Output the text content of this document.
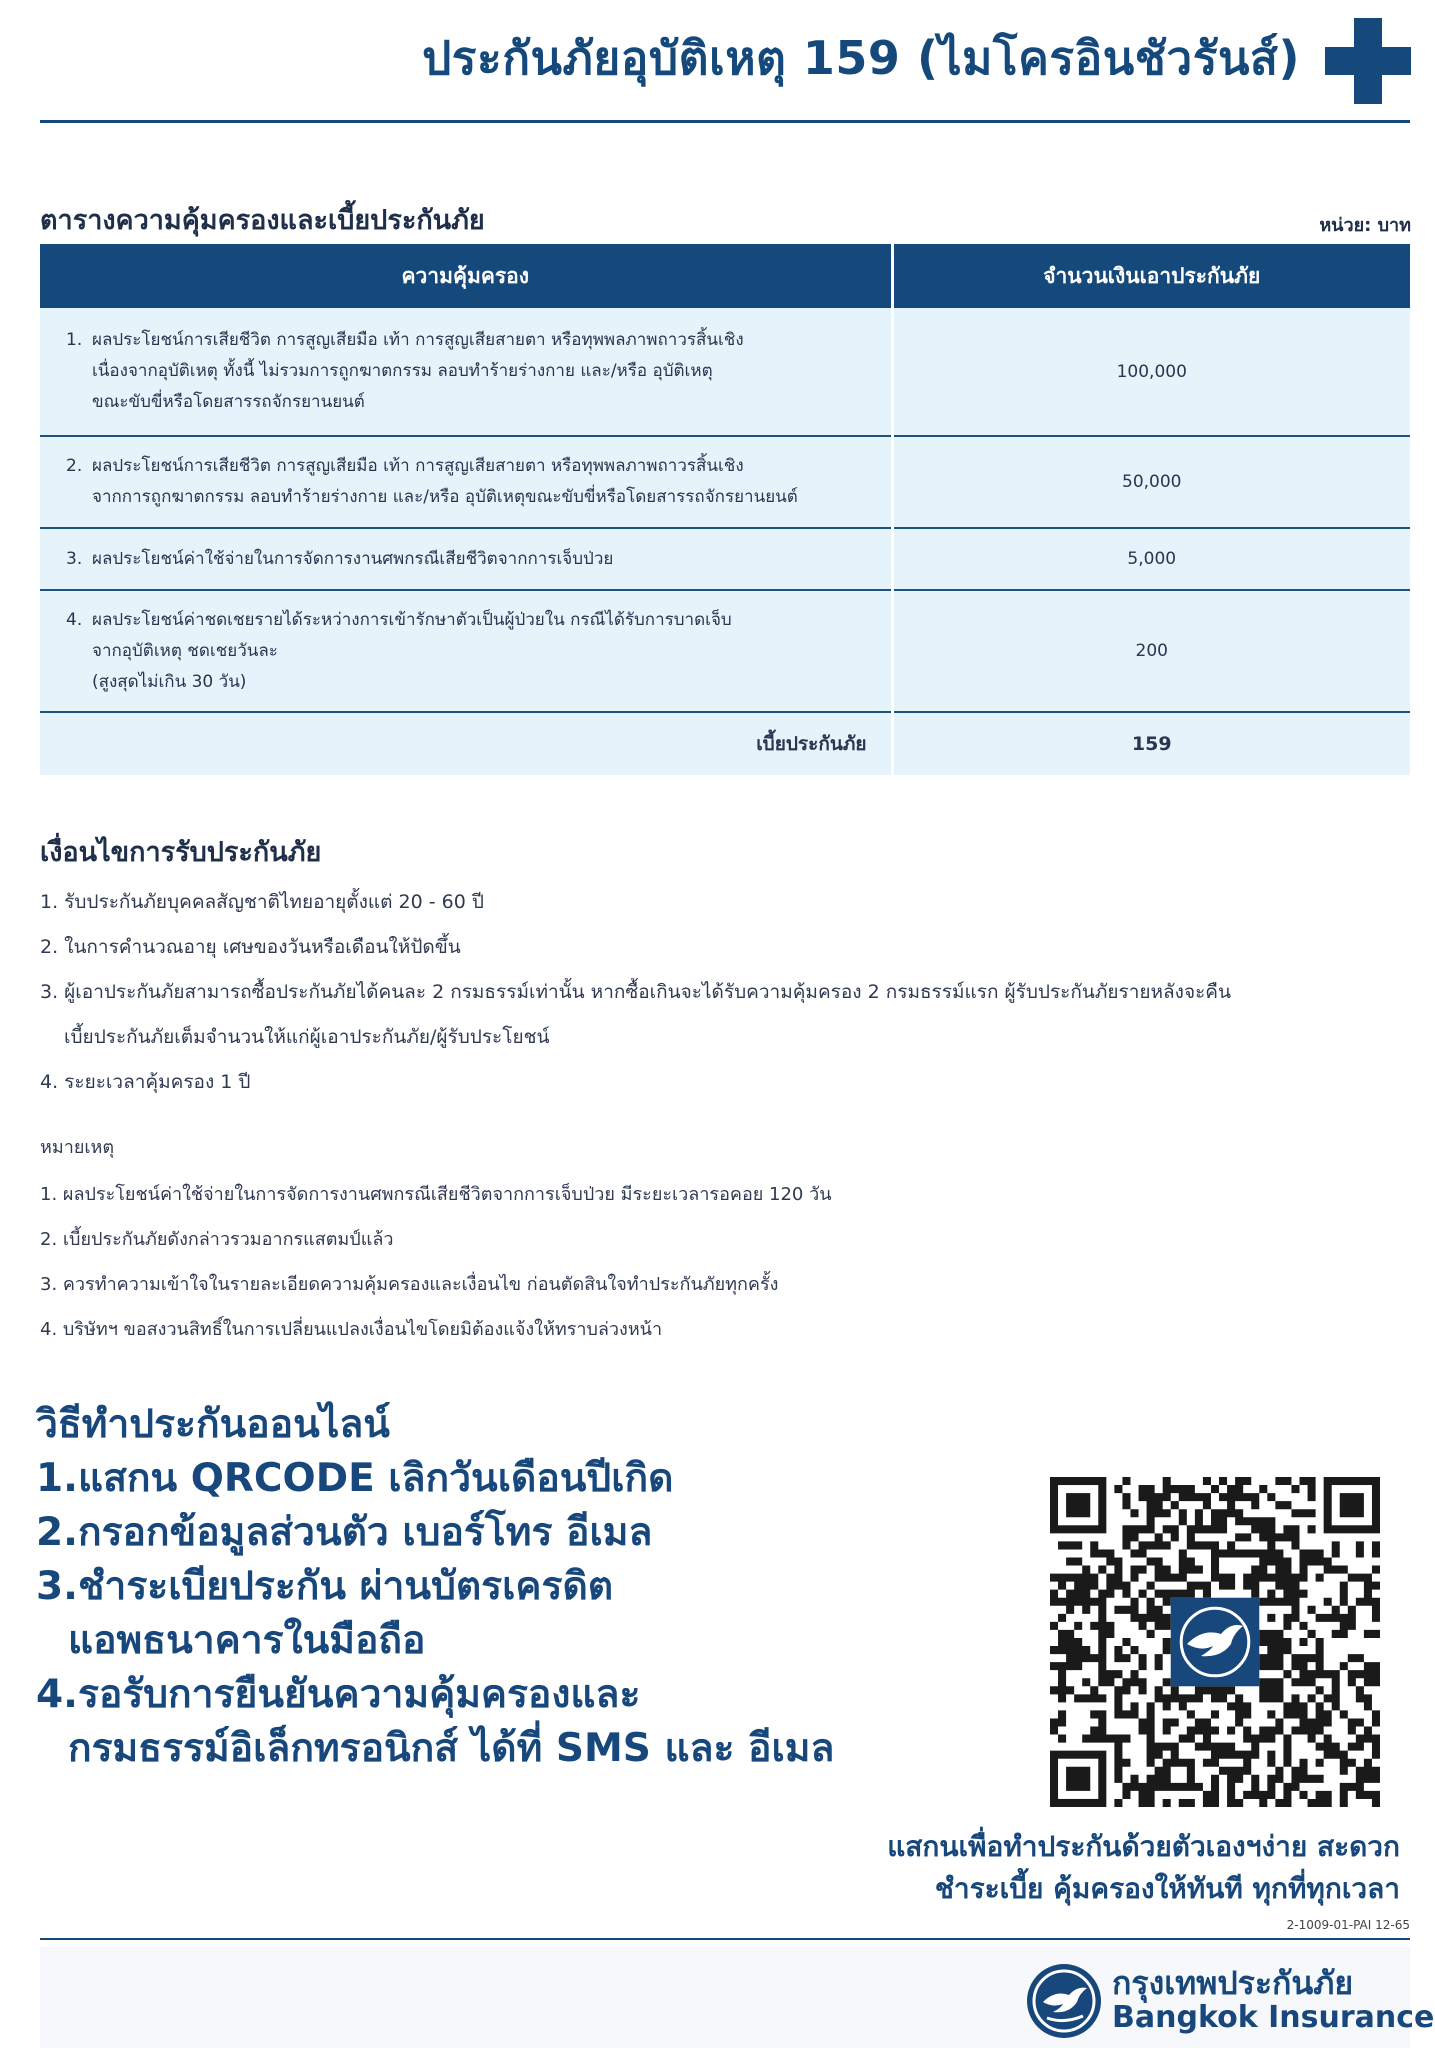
ประกันภัยอุบัติเหตุ 159 (ไมโครอินชัวรันส์)
ตารางความคุ้มครองและเบี้ยประกันภัย	หน่วย: บาท
ความคุ้มครอง	จำนวนเงินเอาประกันภัย
1. ผลประโยชน์การเสียชีวิต การสูญเสียมือ เท้า การสูญเสียสายตา หรือทุพพลภาพถาวรสิ้นเชิง
เนื่องจากอุบัติเหตุ ทั้งนี้ ไม่รวมการถูกฆาตกรรม ลอบทำร้ายร่างกาย และ/หรือ อุบัติเหตุ
ขณะขับขี่หรือโดยสารรถจักรยานยนต์	100,000
2. ผลประโยชน์การเสียชีวิต การสูญเสียมือ เท้า การสูญเสียสายตา หรือทุพพลภาพถาวรสิ้นเชิง
จากการถูกฆาตกรรม ลอบทำร้ายร่างกาย และ/หรือ อุบัติเหตุขณะขับขี่หรือโดยสารรถจักรยานยนต์	50,000
3. ผลประโยชน์ค่าใช้จ่ายในการจัดการงานศพกรณีเสียชีวิตจากการเจ็บป่วย	5,000
4. ผลประโยชน์ค่าชดเชยรายได้ระหว่างการเข้ารักษาตัวเป็นผู้ป่วยใน กรณีได้รับการบาดเจ็บ
จากอุบัติเหตุ ชดเชยวันละ
(สูงสุดไม่เกิน 30 วัน)	200
เบี้ยประกันภัย	159
เงื่อนไขการรับประกันภัย
1. รับประกันภัยบุคคลสัญชาติไทยอายุตั้งแต่ 20 - 60 ปี
2. ในการคำนวณอายุ เศษของวันหรือเดือนให้ปัดขึ้น
3. ผู้เอาประกันภัยสามารถซื้อประกันภัยได้คนละ 2 กรมธรรม์เท่านั้น หากซื้อเกินจะได้รับความคุ้มครอง 2 กรมธรรม์แรก ผู้รับประกันภัยรายหลังจะคืน
เบี้ยประกันภัยเต็มจำนวนให้แก่ผู้เอาประกันภัย/ผู้รับประโยชน์
4. ระยะเวลาคุ้มครอง 1 ปี
หมายเหตุ
1. ผลประโยชน์ค่าใช้จ่ายในการจัดการงานศพกรณีเสียชีวิตจากการเจ็บป่วย มีระยะเวลารอคอย 120 วัน
2. เบี้ยประกันภัยดังกล่าวรวมอากรแสตมป์แล้ว
3. ควรทำความเข้าใจในรายละเอียดความคุ้มครองและเงื่อนไข ก่อนตัดสินใจทำประกันภัยทุกครั้ง
4. บริษัทฯ ขอสงวนสิทธิ์ในการเปลี่ยนแปลงเงื่อนไขโดยมิต้องแจ้งให้ทราบล่วงหน้า
วิธีทำประกันออนไลน์
1.แสกน QRCODE เลิกวันเดือนปีเกิด
2.กรอกข้อมูลส่วนตัว เบอร์โทร อีเมล
3.ชำระเบียประกัน ผ่านบัตรเครดิต
แอพธนาคารในมือถือ
4.รอรับการยืนยันความคุ้มครองและ
กรมธรรม์อิเล็กทรอนิกส์ ได้ที่ SMS และ อีเมล
แสกนเพื่อทำประกันด้วยตัวเองฯง่าย สะดวก
ชำระเบี้ย คุ้มครองให้ทันที ทุกที่ทุกเวลา
2-1009-01-PAI 12-65
กรุงเทพประกันภัย
Bangkok Insurance
